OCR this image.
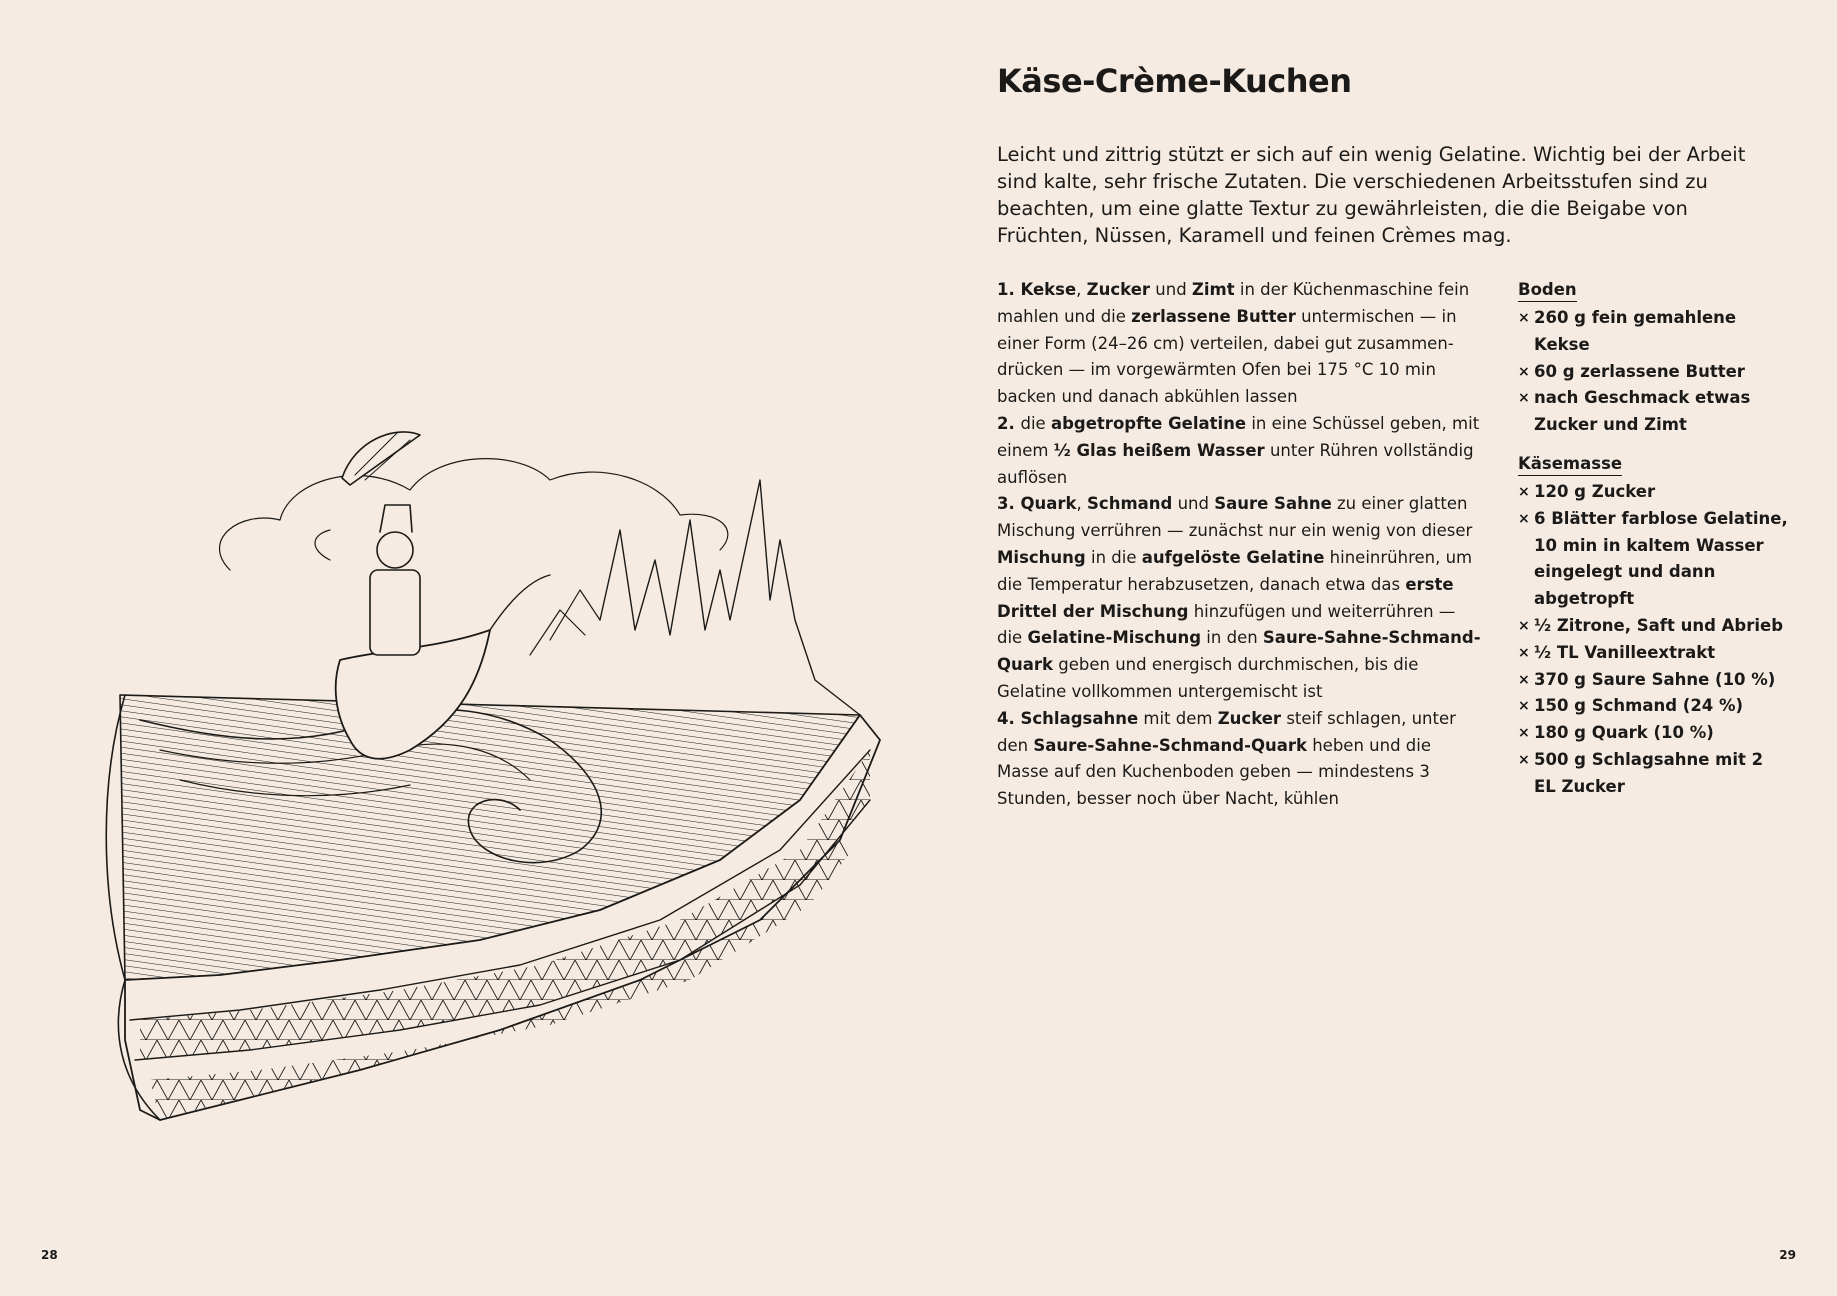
Käse-Crème-Kuchen

Leicht und zittrig stützt er sich auf ein wenig Gelatine. Wichtig bei der Arbeit sind kalte, sehr frische Zutaten. Die verschiedenen Arbeitsstufen sind zu beachten, um eine glatte Textur zu gewährleisten, die die Beigabe von Früchten, Nüssen, Karamell und feinen Crèmes mag.

1. Kekse, Zucker und Zimt in der Küchenmaschine fein mahlen und die zerlassene Butter untermischen — in einer Form (24–26 cm) verteilen, dabei gut zusammen-drücken — im vorgewärmten Ofen bei 175 °C 10 min backen und danach abkühlen lassen
2. die abgetropfte Gelatine in eine Schüssel geben, mit einem ½ Glas heißem Wasser unter Rühren vollständig auflösen
3. Quark, Schmand und Saure Sahne zu einer glatten Mischung verrühren — zunächst nur ein wenig von dieser Mischung in die aufgelöste Gelatine hineinrühren, um die Temperatur herabzusetzen, danach etwa das erste Drittel der Mischung hinzufügen und weiterrühren — die Gelatine-Mischung in den Saure-Sahne-Schmand-Quark geben und energisch durchmischen, bis die Gelatine vollkommen untergemischt ist
4. Schlagsahne mit dem Zucker steif schlagen, unter den Saure-Sahne-Schmand-Quark heben und die Masse auf den Kuchenboden geben — mindestens 3 Stunden, besser noch über Nacht, kühlen
Boden
× 260 g fein gemahlene Kekse
× 60 g zerlassene Butter
× nach Geschmack etwas Zucker und Zimt
Käsemasse
× 120 g Zucker
× 6 Blätter farblose Gelatine, 10 min in kaltem Wasser eingelegt und dann abgetropft
× ½ Zitrone, Saft und Abrieb
× ½ TL Vanilleextrakt
× 370 g Saure Sahne (10 %)
× 150 g Schmand (24 %)
× 180 g Quark (10 %)
× 500 g Schlagsahne mit 2 EL Zucker
28	29
